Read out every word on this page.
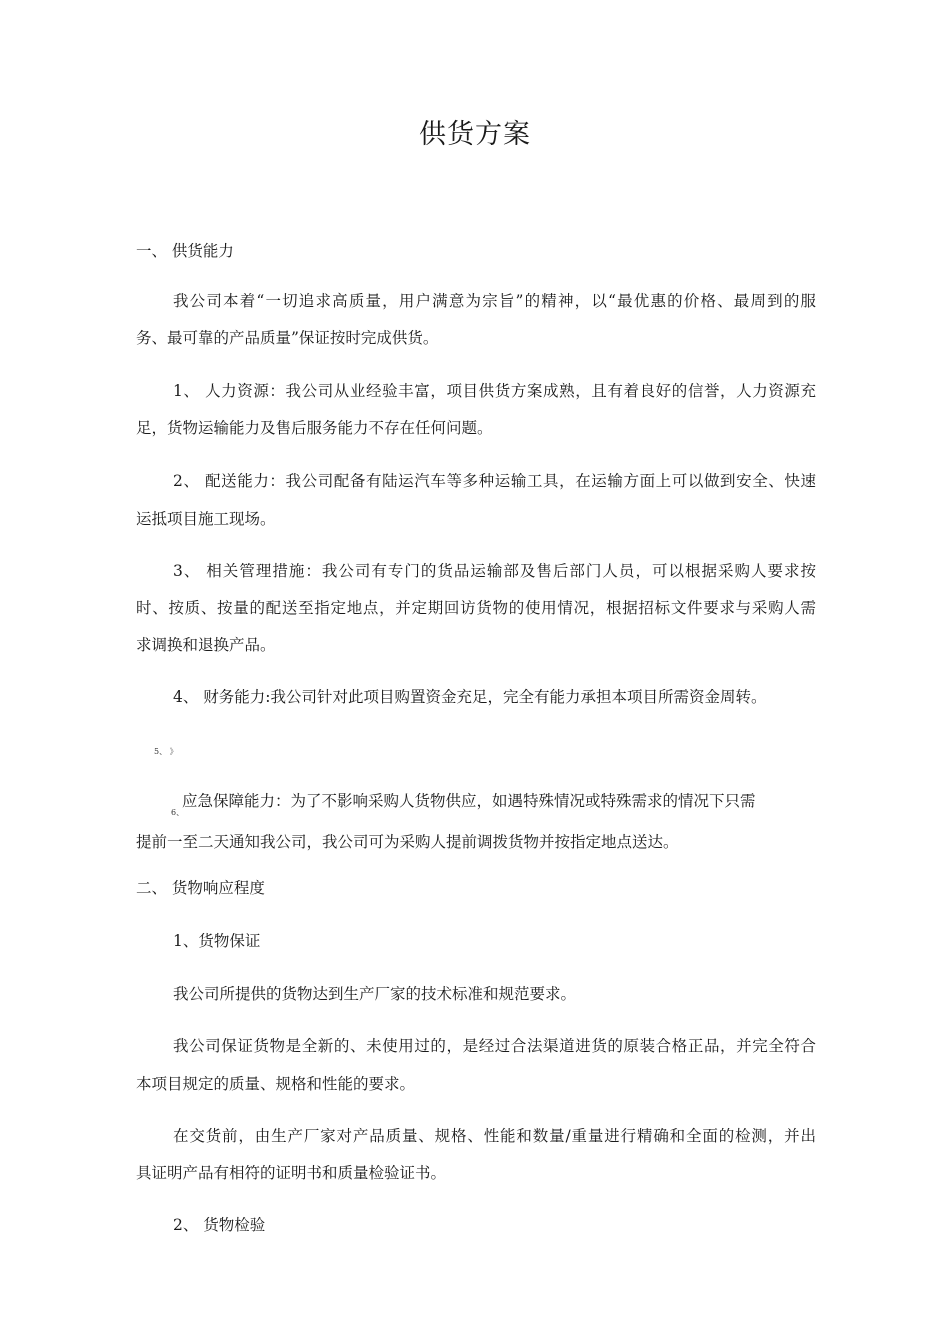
供货方案
一、 供货能力
我公司本着“一切追求高质量，用户满意为宗旨”的精神，以“最优惠的价格、最周到的服
务、最可靠的产品质量”保证按时完成供货。
1、 人力资源：我公司从业经验丰富，项目供货方案成熟，且有着良好的信誉，人力资源充
足，货物运输能力及售后服务能力不存在任何问题。
2、 配送能力：我公司配备有陆运汽车等多种运输工具，在运输方面上可以做到安全、快速
运抵项目施工现场。
3、 相关管理措施：我公司有专门的货品运输部及售后部门人员，可以根据采购人要求按
时、按质、按量的配送至指定地点，并定期回访货物的使用情况，根据招标文件要求与采购人需
求调换和退换产品。
4、 财务能力:我公司针对此项目购置资金充足，完全有能力承担本项目所需资金周转。
5、 》
应急保障能力：为了不影响采购人货物供应，如遇特殊情况或特殊需求的情况下只需
6、
提前一至二天通知我公司，我公司可为采购人提前调拨货物并按指定地点送达。
二、 货物响应程度
1、货物保证
我公司所提供的货物达到生产厂家的技术标准和规范要求。
我公司保证货物是全新的、未使用过的，是经过合法渠道进货的原装合格正品，并完全符合
本项目规定的质量、规格和性能的要求。
在交货前，由生产厂家对产品质量、规格、性能和数量/重量进行精确和全面的检测，并出
具证明产品有相符的证明书和质量检验证书。
2、 货物检验
